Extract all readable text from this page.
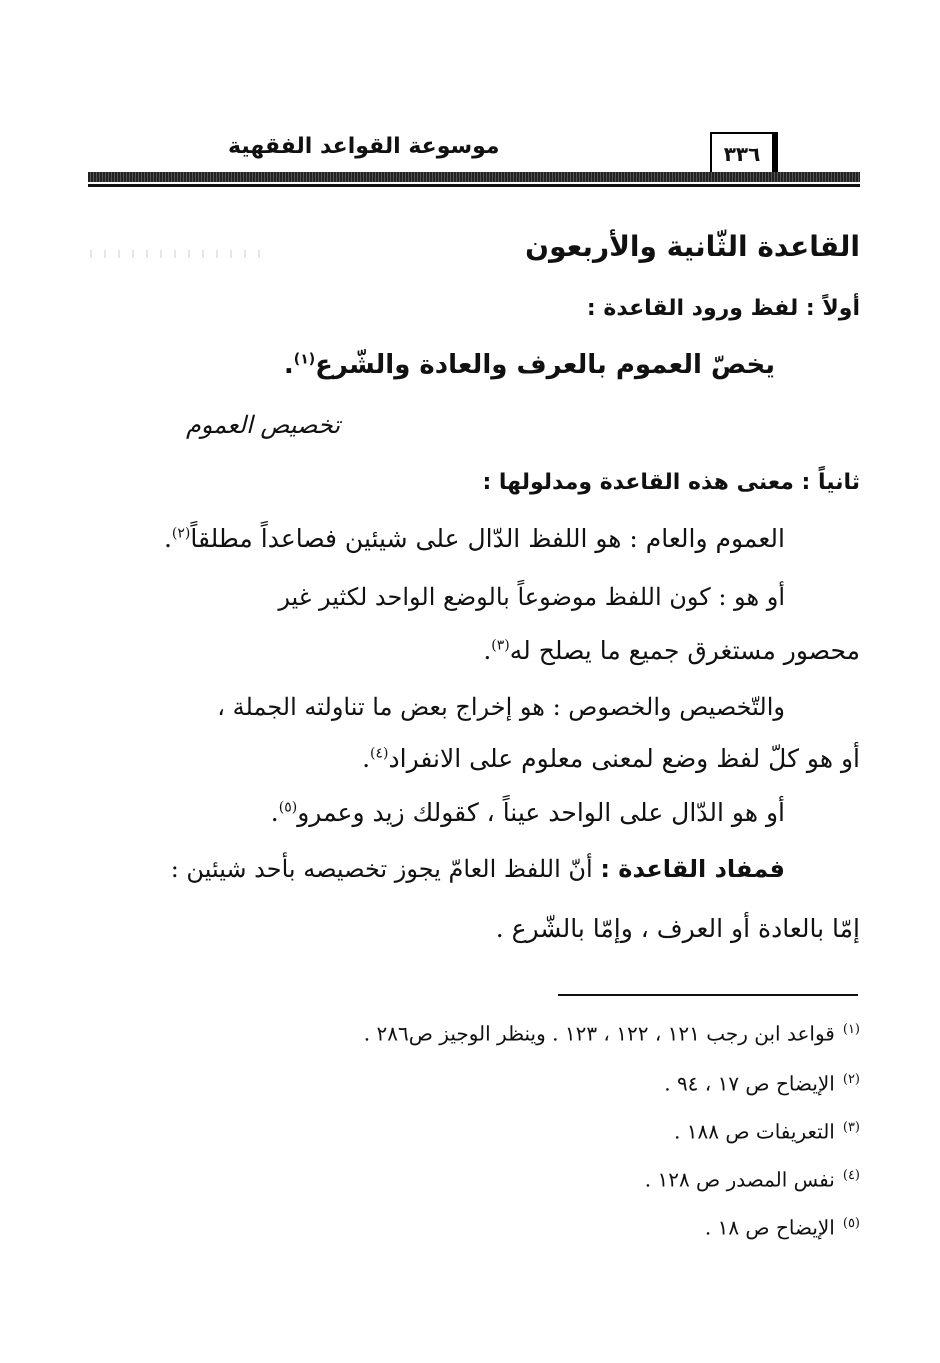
موسوعة القواعد الفقهية	٣٣٦
القاعدة الثّانية والأربعون
أولاً : لفظ ورود القاعدة :
يخصّ العموم بالعرف والعادة والشّرع$^{(١)}$.
تخصيص العموم
ثانياً : معنى هذه القاعدة ومدلولها :
العموم والعام : هو اللفظ الدّال على شيئين فصاعداً مطلقاً$^{(٢)}$.
أو هو : كون اللفظ موضوعاً بالوضع الواحد لكثير غير
محصور مستغرق جميع ما يصلح له$^{(٣)}$.
والتّخصيص والخصوص : هو إخراج بعض ما تناولته الجملة ،
أو هو كلّ لفظ وضع لمعنى معلوم على الانفراد$^{(٤)}$.
أو هو الدّال على الواحد عيناً ، كقولك زيد وعمرو$^{(٥)}$.
فمفاد القاعدة : أنّ اللفظ العامّ يجوز تخصيصه بأحد شيئين :
إمّا بالعادة أو العرف ، وإمّا بالشّرع .
$^{(١)}$قواعد ابن رجب ١٢١ ، ١٢٢ ، ١٢٣ . وينظر الوجيز ص٢٨٦ .
$^{(٢)}$الإيضاح ص ١٧ ، ٩٤ .
$^{(٣)}$التعريفات ص ١٨٨ .
$^{(٤)}$نفس المصدر ص ١٢٨ .
$^{(٥)}$الإيضاح ص ١٨ .
